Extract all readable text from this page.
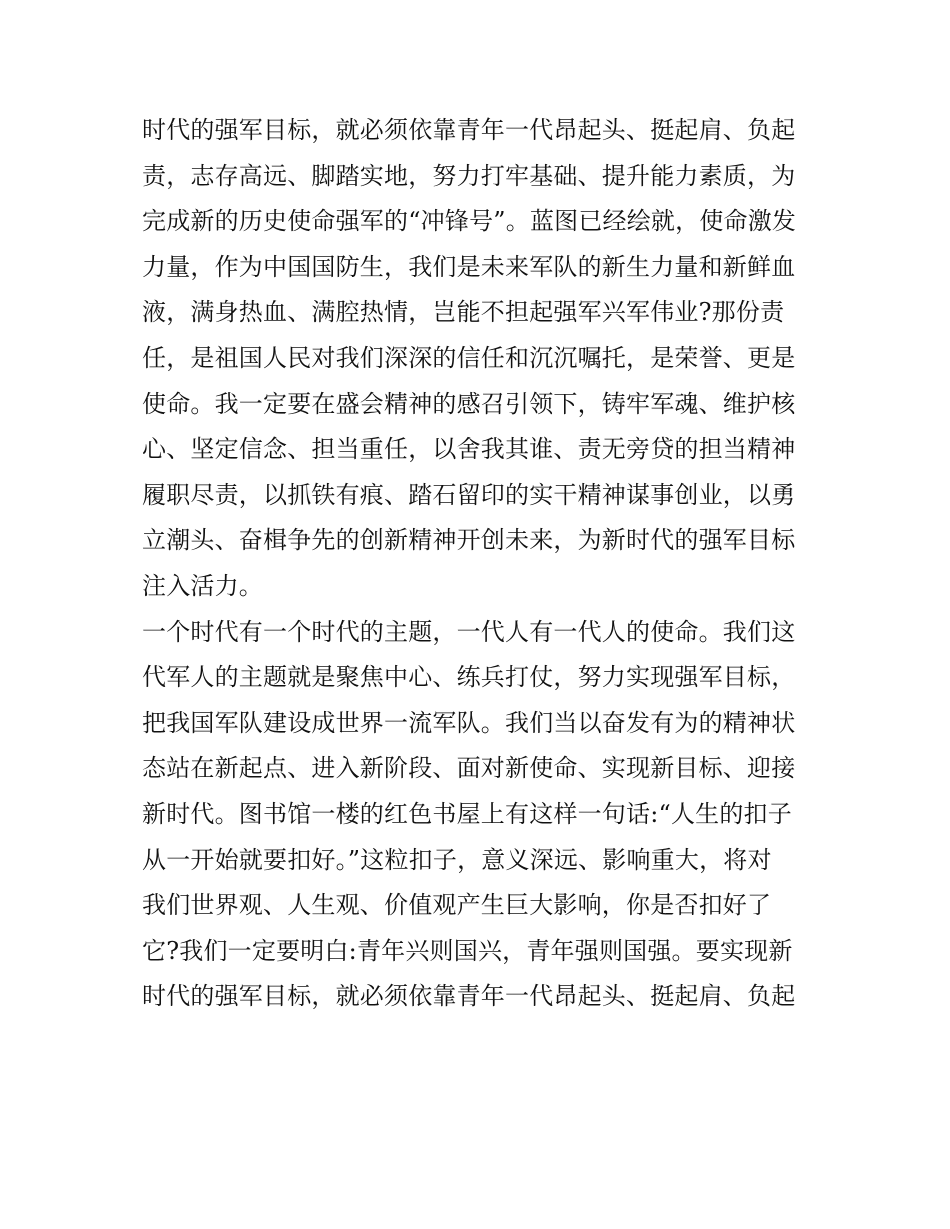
时代的强军目标，就必须依靠青年一代昂起头、挺起肩、负起
责，志存高远、脚踏实地，努力打牢基础、提升能力素质，为
完成新的历史使命强军的“冲锋号”。蓝图已经绘就，使命激发
力量，作为中国国防生，我们是未来军队的新生力量和新鲜血
液，满身热血、满腔热情，岂能不担起强军兴军伟业?那份责
任，是祖国人民对我们深深的信任和沉沉嘱托，是荣誉、更是
使命。我一定要在盛会精神的感召引领下，铸牢军魂、维护核
心、坚定信念、担当重任，以舍我其谁、责无旁贷的担当精神
履职尽责，以抓铁有痕、踏石留印的实干精神谋事创业，以勇
立潮头、奋楫争先的创新精神开创未来，为新时代的强军目标
注入活力。
一个时代有一个时代的主题，一代人有一代人的使命。我们这
代军人的主题就是聚焦中心、练兵打仗，努力实现强军目标，
把我国军队建设成世界一流军队。我们当以奋发有为的精神状
态站在新起点、进入新阶段、面对新使命、实现新目标、迎接
新时代。图书馆一楼的红色书屋上有这样一句话:“人生的扣子
从一开始就要扣好。”这粒扣子，意义深远、影响重大，将对
我们世界观、人生观、价值观产生巨大影响，你是否扣好了
它?我们一定要明白:青年兴则国兴，青年强则国强。要实现新
时代的强军目标，就必须依靠青年一代昂起头、挺起肩、负起
